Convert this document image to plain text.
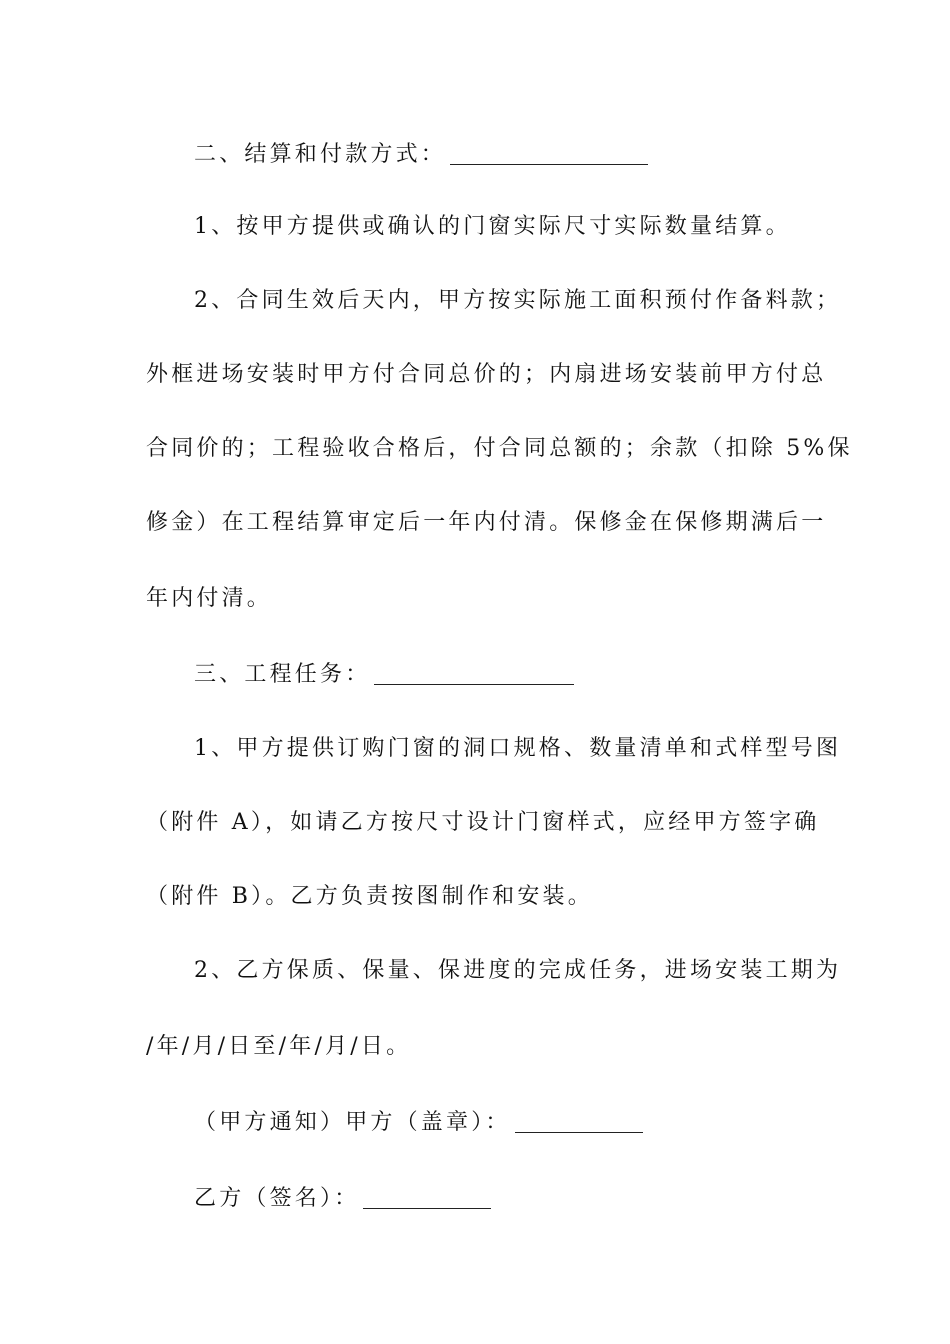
二、结算和付款方式：
1、按甲方提供或确认的门窗实际尺寸实际数量结算。
2、合同生效后天内，甲方按实际施工面积预付作备料款；
外框进场安装时甲方付合同总价的；内扇进场安装前甲方付总
合同价的；工程验收合格后，付合同总额的；余款（扣除 5%保
修金）在工程结算审定后一年内付清。保修金在保修期满后一
年内付清。
三、工程任务：
1、甲方提供订购门窗的洞口规格、数量清单和式样型号图
（附件 A），如请乙方按尺寸设计门窗样式，应经甲方签字确
（附件 B）。乙方负责按图制作和安装。
2、乙方保质、保量、保进度的完成任务，进场安装工期为
/年/月/日至/年/月/日。
（甲方通知）甲方（盖章）：
乙方（签名）：
